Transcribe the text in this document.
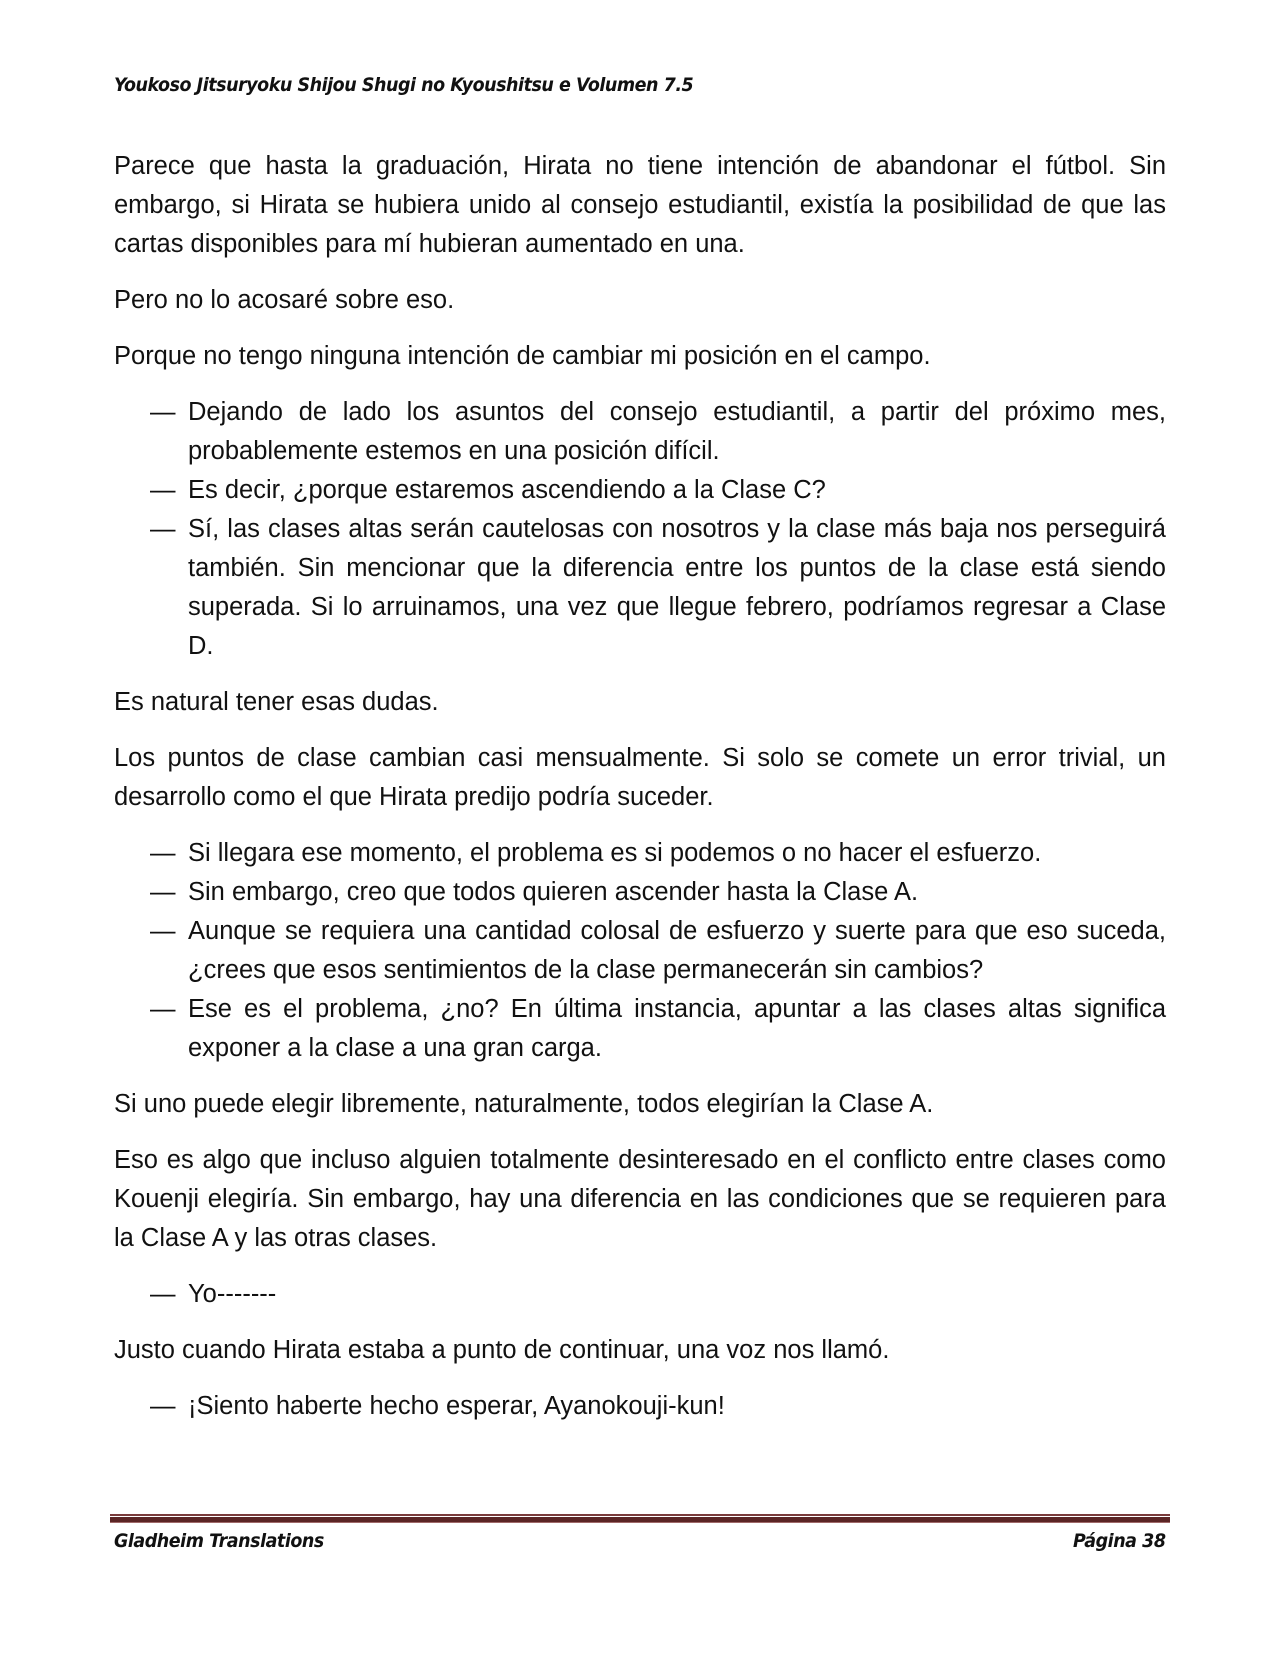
Youkoso Jitsuryoku Shijou Shugi no Kyoushitsu e Volumen 7.5

Parece que hasta la graduación, Hirata no tiene intención de abandonar el fútbol. Sin embargo, si Hirata se hubiera unido al consejo estudiantil, existía la posibilidad de que las cartas disponibles para mí hubieran aumentado en una.

Pero no lo acosaré sobre eso.

Porque no tengo ninguna intención de cambiar mi posición en el campo.

— Dejando de lado los asuntos del consejo estudiantil, a partir del próximo mes, probablemente estemos en una posición difícil.
— Es decir, ¿porque estaremos ascendiendo a la Clase C?
— Sí, las clases altas serán cautelosas con nosotros y la clase más baja nos perseguirá también. Sin mencionar que la diferencia entre los puntos de la clase está siendo superada. Si lo arruinamos, una vez que llegue febrero, podríamos regresar a Clase D.

Es natural tener esas dudas.

Los puntos de clase cambian casi mensualmente. Si solo se comete un error trivial, un desarrollo como el que Hirata predijo podría suceder.

— Si llegara ese momento, el problema es si podemos o no hacer el esfuerzo.
— Sin embargo, creo que todos quieren ascender hasta la Clase A.
— Aunque se requiera una cantidad colosal de esfuerzo y suerte para que eso suceda, ¿crees que esos sentimientos de la clase permanecerán sin cambios?
— Ese es el problema, ¿no? En última instancia, apuntar a las clases altas significa exponer a la clase a una gran carga.

Si uno puede elegir libremente, naturalmente, todos elegirían la Clase A.

Eso es algo que incluso alguien totalmente desinteresado en el conflicto entre clases como Kouenji elegiría. Sin embargo, hay una diferencia en las condiciones que se requieren para la Clase A y las otras clases.

— Yo-------

Justo cuando Hirata estaba a punto de continuar, una voz nos llamó.

— ¡Siento haberte hecho esperar, Ayanokouji-kun!
Gladheim Translations	Página 38
